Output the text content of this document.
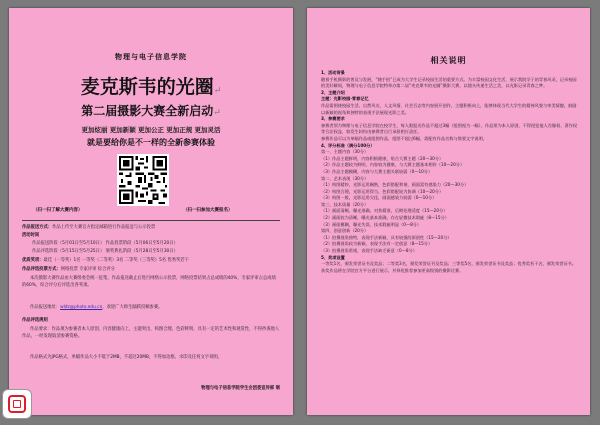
物理与电子信息学院
麦克斯韦的光圈↵
第二届摄影大赛全新启动↵
更加炫丽 更加新颖 更加公正 更加正规 更加灵活
就是要给你是不一样的全新参赛体验
（扫一扫了解大赛内容）	（扫一扫参加大赛报名）
作品报送方式：作品上传至大赛官方指定邮箱进行作品报送与公示投票
活动时间
作品报送阶段（5月01日至5月10日） 作品投票阶段（5月06日至5月20日）
作品评选阶段（5月15日至5月25日） 颁奖典礼阶段（5月28日至5月30日）
优质奖项：最佳（一等奖）1名 一等奖（二等奖）3名 二等奖（三等奖）5名 优秀奖若干
作品评选投票方式：网络投票 专家评审 综合评分
本次摄影大赛作品由大赛组委会统一征集，作品报送截止后进行网络公示投票，网络投票结果占总成绩的40%，专家评审占总成绩的60%，综合评分后评选出各奖项。
作品报送地址：wldz@photo.edu.cn，欢迎广大师生踊跃投稿参赛。
作品评选规则
作品要求：作品须为参赛者本人原创，内容健康向上，主题突出，构图合理，色彩鲜明，具有一定的艺术性和观赏性，不得抄袭他人作品，一经发现取消参赛资格。
作品格式为JPG格式，单幅作品大小不低于2MB，不超过20MB，不得加边框、水印及任何文字说明。
物理与电子信息学院学生会团委宣传部 制
相关说明
1、活动背景
随着手机摄影的普及与发展，“随手拍”已成为大学生记录校园生活的重要方式。为丰富校园文化生活，展示我院学子的青春风采，记录校园的美好瞬间，物理与电子信息学院特举办第二届“麦克斯韦的光圈”摄影大赛，以镜头传递生活之美，以光影记录青春之梦。
2、主题介绍
主题：光影校园·青春记忆
作品需围绕校园生活、自然风光、人文风情、社会百态等内容展开创作，主题积极向上，能够体现当代大学生的精神风貌与审美情趣，鼓励以新颖的视角和独特的表现手法展现光影之美。
3、参赛要求
参赛者须为物理与电子信息学院在校学生，每人限报送作品不超过3幅（组图视为一幅），作品须为本人原创，不得侵犯他人肖像权、著作权等合法权益，如发生纠纷由参赛者自行承担相应责任。
参赛作品可以为单幅作品或组图作品，组图不超过6幅，需配有作品名称与简要文字说明。
4、评分标准（满分100分）
第一、主题内容（30分）
（1）作品主题鲜明，内容积极健康，贴合大赛主题（20—30分）
（2）作品主题较为鲜明，内容较为健康，与大赛主题基本相符（10—20分）
（3）作品主题模糊，内容与大赛主题关联较弱（0—10分）
第二、艺术表现（30分）
（1）构图精妙，光影运用娴熟，色彩搭配和谐，画面富有感染力（20—30分）
（2）构图合理，光影运用得当，色彩搭配较为协调（10—20分）
（3）构图一般，光影运用欠佳，画面感染力较弱（0—10分）
第三、技术质量（20分）
（1）画面清晰，曝光准确，对焦精准，后期处理适度（15—20分）
（2）画面较为清晰，曝光基本准确，存在轻微技术瑕疵（8—15分）
（3）画面模糊，曝光失误，技术瑕疵明显（0—8分）
第四、创意创新（20分）
（1）拍摄视角独特，表现手法新颖，具有较强的原创性（15—20分）
（2）拍摄视角较为新颖，表现手法有一定创意（8—15分）
（3）拍摄视角常规，表现手法缺乏新意（0—8分）
5、奖项设置
一等奖1名，颁发荣誉证书及奖品；二等奖3名，颁发荣誉证书及奖品；三等奖5名，颁发荣誉证书及奖品；优秀奖若干名，颁发荣誉证书。
获奖作品将在学院官方平台进行展示，并择优推荐参加更高级别的摄影比赛。
